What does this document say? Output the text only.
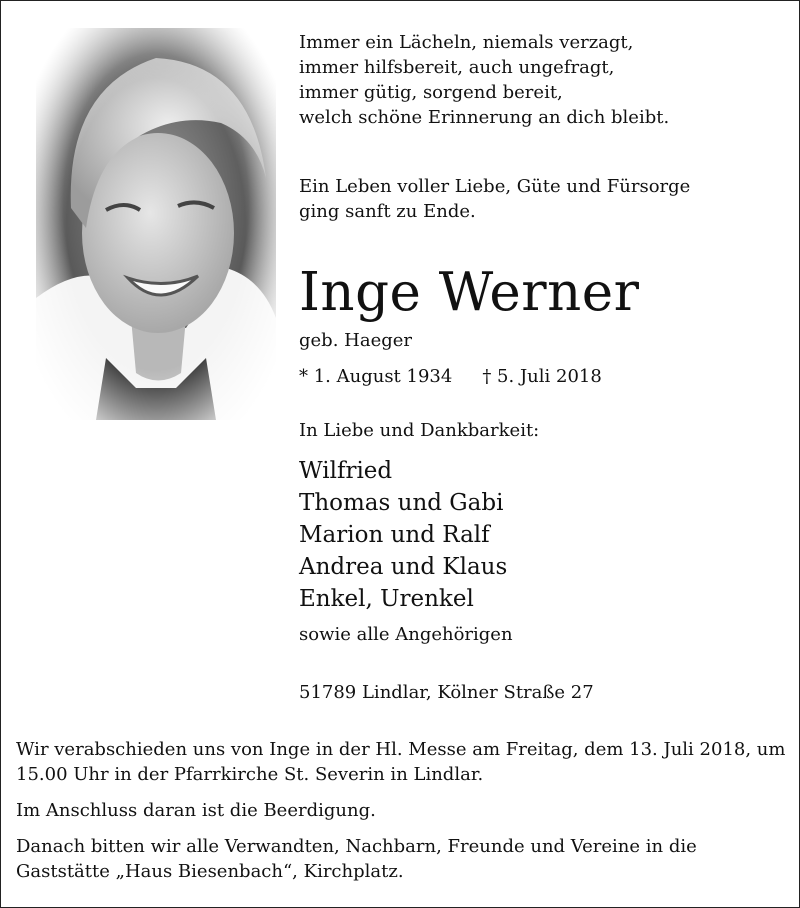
Immer ein Lächeln, niemals verzagt,
immer hilfsbereit, auch ungefragt,
immer gütig, sorgend bereit,
welch schöne Erinnerung an dich bleibt.
Ein Leben voller Liebe, Güte und Fürsorge
ging sanft zu Ende.
Inge Werner
geb. Haeger
* 1. August 1934 † 5. Juli 2018
In Liebe und Dankbarkeit:
Wilfried
Thomas und Gabi
Marion und Ralf
Andrea und Klaus
Enkel, Urenkel
sowie alle Angehörigen
51789 Lindlar, Kölner Straße 27
Wir verabschieden uns von Inge in der Hl. Messe am Freitag, dem 13. Juli 2018, um 15.00 Uhr in der Pfarrkirche St. Severin in Lindlar.
Im Anschluss daran ist die Beerdigung.
Danach bitten wir alle Verwandten, Nachbarn, Freunde und Vereine in die Gaststätte „Haus Biesenbach“, Kirchplatz.
